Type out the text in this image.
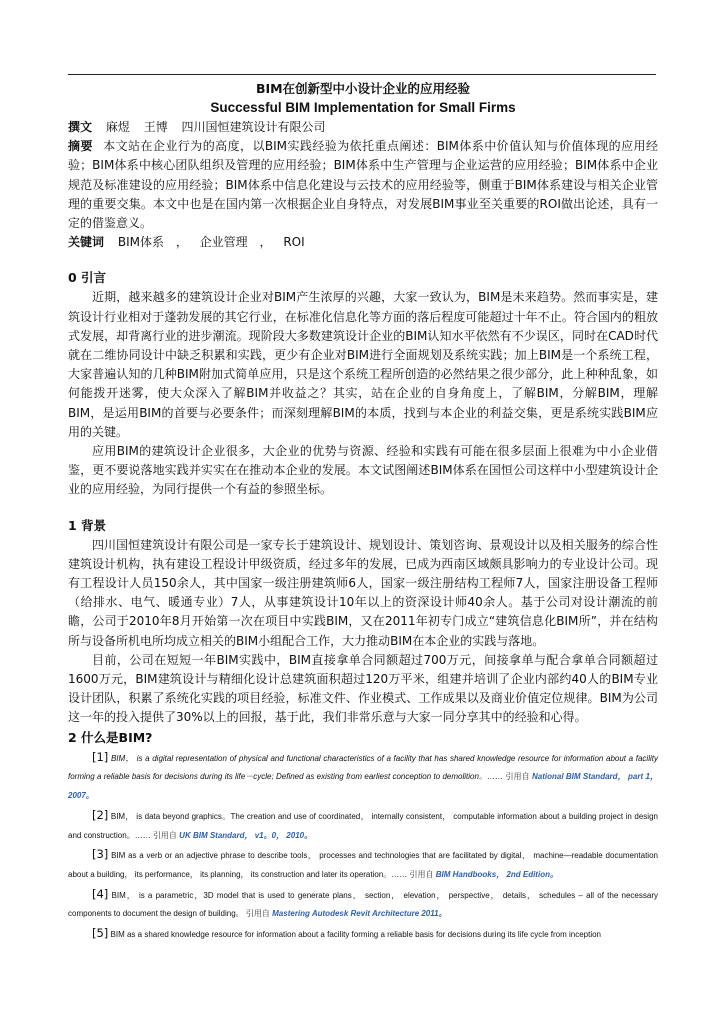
BIM在创新型中小设计企业的应用经验

Successful BIM Implementation for Small Firms

撰文 麻煜 王博 四川国恒建筑设计有限公司

摘要 本文站在企业行为的高度，以BIM实践经验为依托重点阐述：BIM体系中价值认知与价值体现的应用经验；BIM体系中核心团队组织及管理的应用经验；BIM体系中生产管理与企业运营的应用经验；BIM体系中企业规范及标准建设的应用经验；BIM体系中信息化建设与云技术的应用经验等，侧重于BIM体系建设与相关企业管理的重要交集。本文中也是在国内第一次根据企业自身特点，对发展BIM事业至关重要的ROI做出论述，具有一定的借鉴意义。

关键词 BIM体系 ， 企业管理 ， ROI

0 引言

近期，越来越多的建筑设计企业对BIM产生浓厚的兴趣，大家一致认为，BIM是未来趋势。然而事实是，建筑设计行业相对于蓬勃发展的其它行业，在标准化信息化等方面的落后程度可能超过十年不止。符合国内的粗放式发展，却背离行业的进步潮流。现阶段大多数建筑设计企业的BIM认知水平依然有不少误区，同时在CAD时代就在二维协同设计中缺乏积累和实践，更少有企业对BIM进行全面规划及系统实践；加上BIM是一个系统工程，大家普遍认知的几种BIM附加式简单应用，只是这个系统工程所创造的必然结果之很少部分，此上种种乱象，如何能拨开迷雾，使大众深入了解BIM并收益之？其实，站在企业的自身角度上，了解BIM，分解BIM，理解BIM，是运用BIM的首要与必要条件；而深刻理解BIM的本质，找到与本企业的利益交集，更是系统实践BIM应用的关键。

应用BIM的建筑设计企业很多，大企业的优势与资源、经验和实践有可能在很多层面上很难为中小企业借鉴，更不要说落地实践并实实在在推动本企业的发展。本文试图阐述BIM体系在国恒公司这样中小型建筑设计企业的应用经验，为同行提供一个有益的参照坐标。

1 背景

四川国恒建筑设计有限公司是一家专长于建筑设计、规划设计、策划咨询、景观设计以及相关服务的综合性建筑设计机构，执有建设工程设计甲级资质，经过多年的发展，已成为西南区域颇具影响力的专业设计公司。现有工程设计人员150余人，其中国家一级注册建筑师6人，国家一级注册结构工程师7人，国家注册设备工程师（给排水、电气、暖通专业）7人，从事建筑设计10年以上的资深设计师40余人。基于公司对设计潮流的前瞻，公司于2010年8月开始第一次在项目中实践BIM，又在2011年初专门成立“建筑信息化BIM所”，并在结构所与设备所机电所均成立相关的BIM小组配合工作，大力推动BIM在本企业的实践与落地。

目前，公司在短短一年BIM实践中，BIM直接拿单合同额超过700万元，间接拿单与配合拿单合同额超过1600万元，BIM建筑设计与精细化设计总建筑面积超过120万平米，组建并培训了企业内部约40人的BIM专业设计团队，积累了系统化实践的项目经验，标准文件、作业模式、工作成果以及商业价值定位规律。BIM为公司这一年的投入提供了30%以上的回报，基于此，我们非常乐意与大家一同分享其中的经验和心得。

2 什么是BIM?

[1] BIM， is a digital representation of physical and functional characteristics of a facility that has shared knowledge resource for information about a facility forming a reliable basis for decisions during its life－cycle; Defined as existing from earliest conception to demolition。…… 引用自 National BIM Standard， part 1， 2007。

[2] BIM， is data beyond graphics。The creation and use of coordinated， internally consistent， computable information about a building project in design and construction。…… 引用自 UK BIM Standard， v1。0， 2010。

[3] BIM as a verb or an adjective phrase to describe tools， processes and technologies that are facilitated by digital， machine—readable documentation about a building， its performance， its planning， its construction and later its operation。…… 引用自 BIM Handbooks， 2nd Edition。

[4] BIM， is a parametric，3D model that is used to generate plans， section， elevation， perspective， details， schedules – all of the necessary components to document the design of building。 引用自 Mastering Autodesk Revit Architecture 2011。

[5] BIM as a shared knowledge resource for information about a facility forming a reliable basis for decisions during its life cycle from inception
